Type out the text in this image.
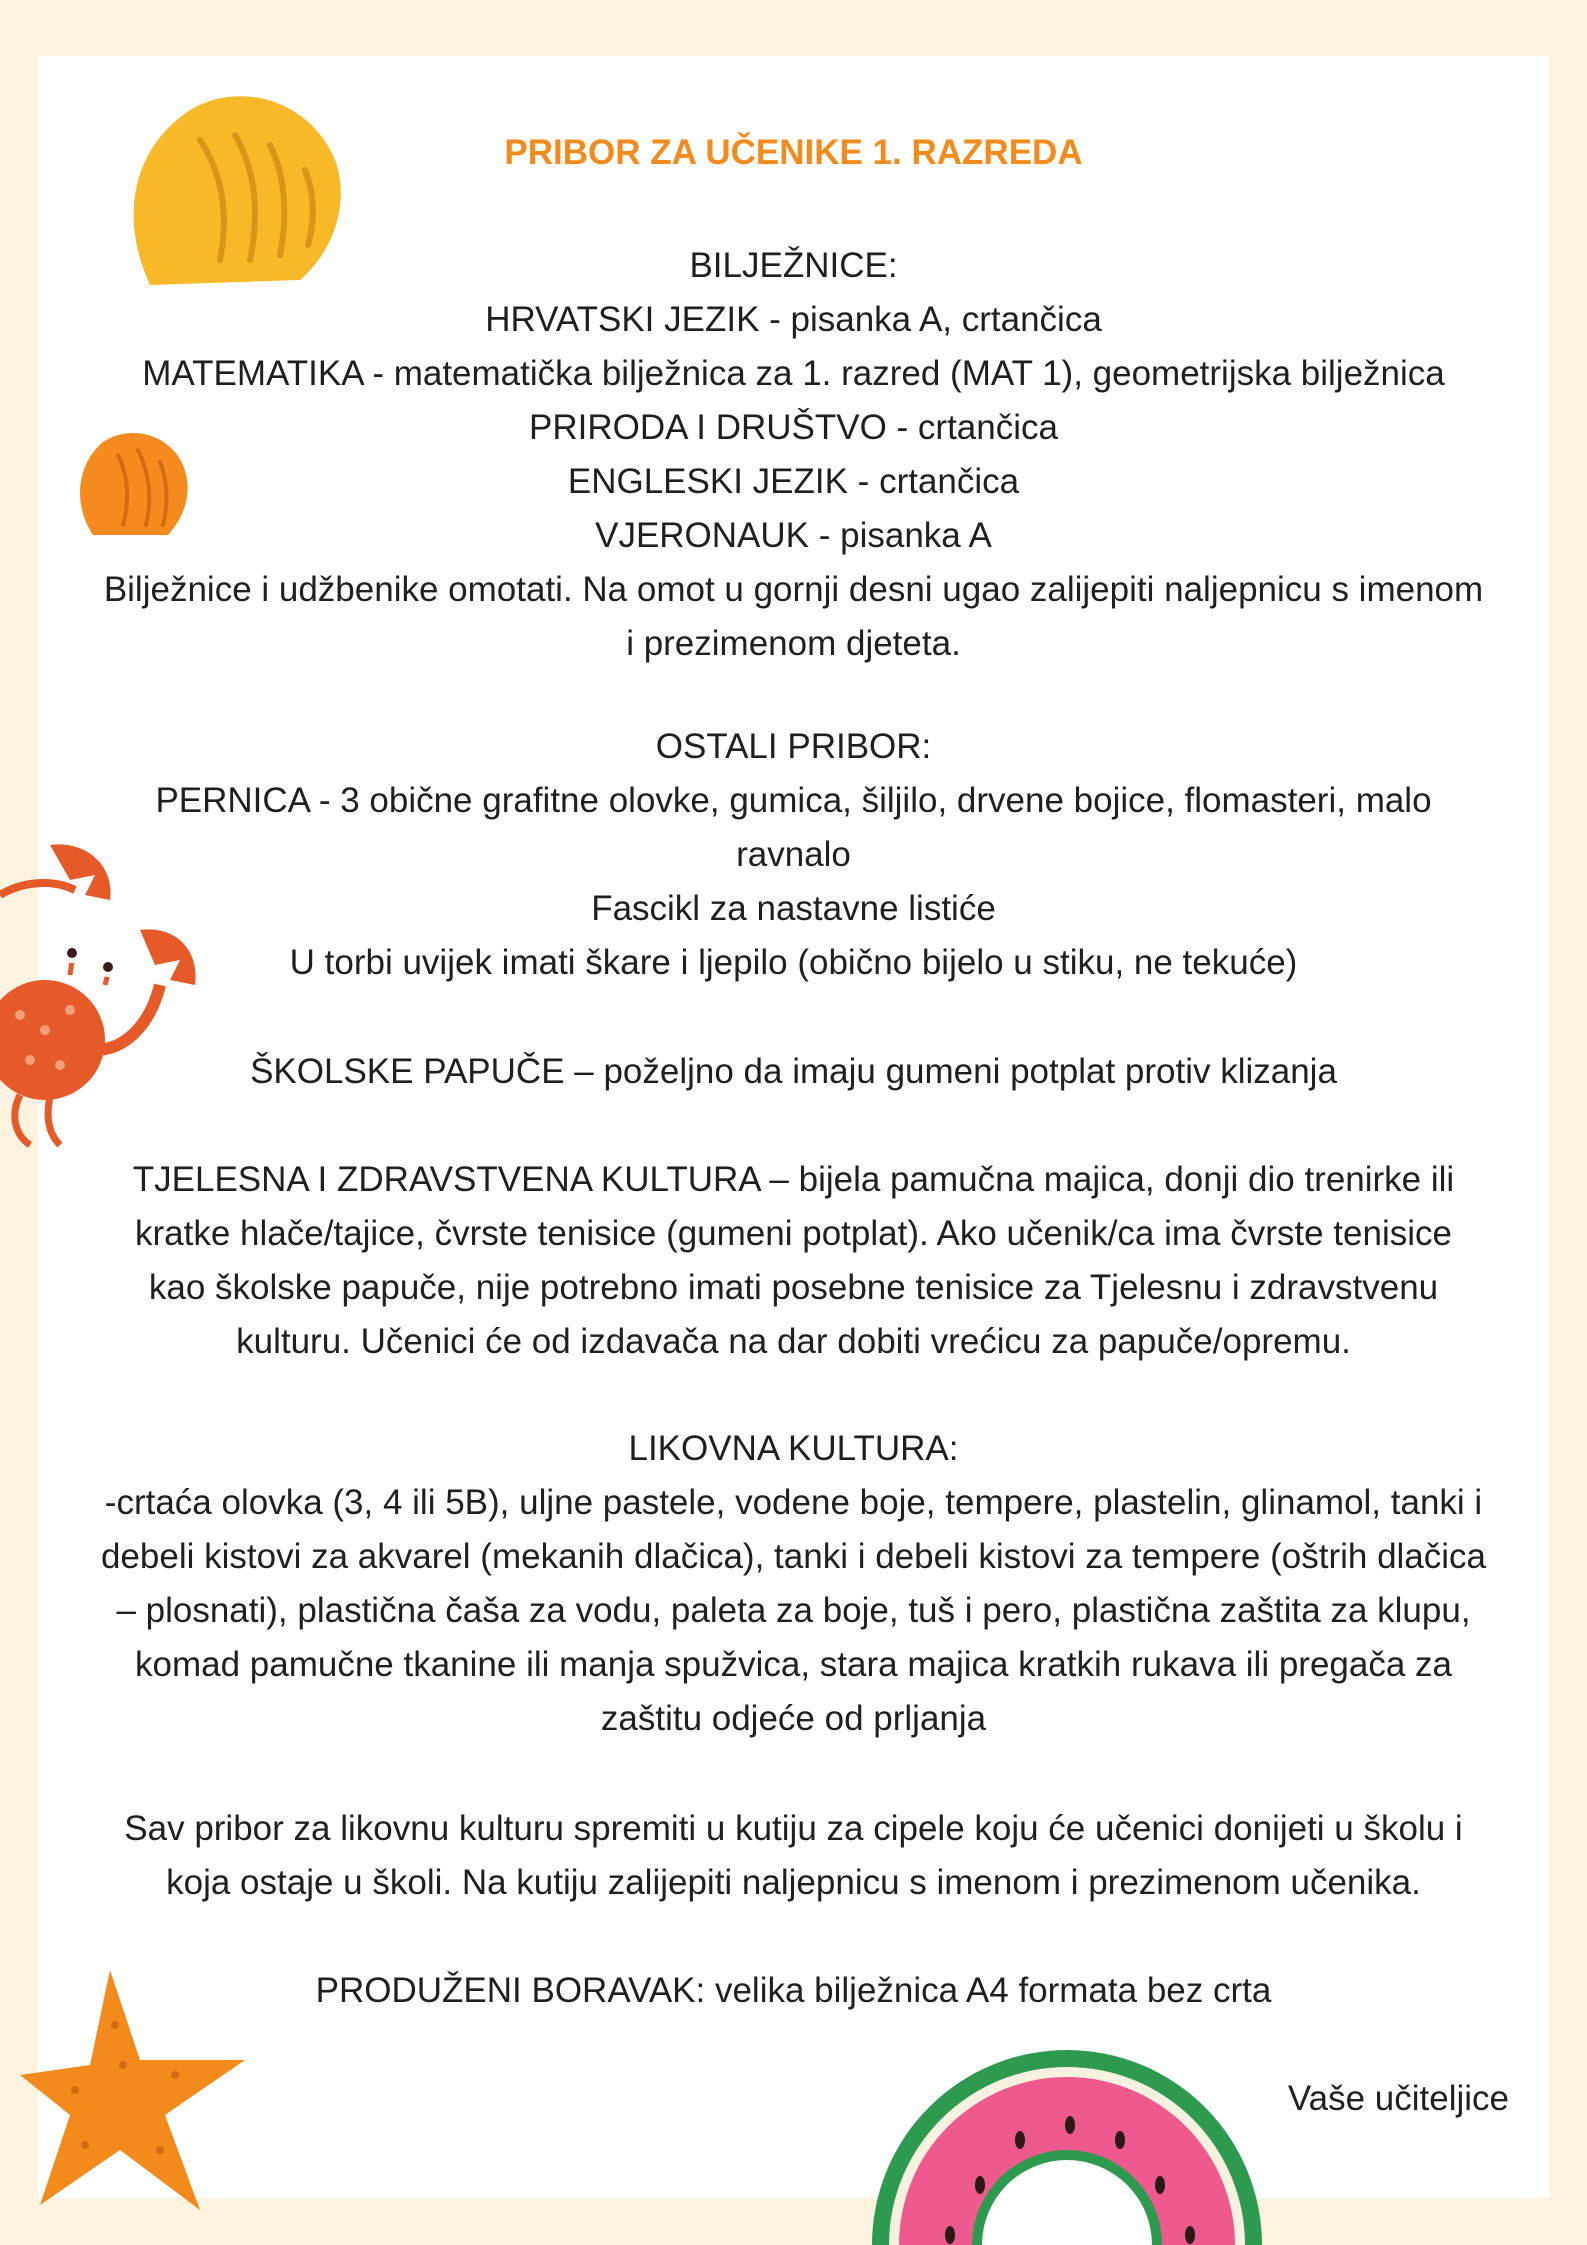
PRIBOR ZA UČENIKE 1. RAZREDA

BILJEŽNICE:

HRVATSKI JEZIK - pisanka A, crtančica

MATEMATIKA - matematička bilježnica za 1. razred (MAT 1), geometrijska bilježnica

PRIRODA I DRUŠTVO - crtančica

ENGLESKI JEZIK - crtančica

VJERONAUK - pisanka A

Bilježnice i udžbenike omotati. Na omot u gornji desni ugao zalijepiti naljepnicu s imenom

i prezimenom djeteta.

OSTALI PRIBOR:

PERNICA - 3 obične grafitne olovke, gumica, šiljilo, drvene bojice, flomasteri, malo

ravnalo

Fascikl za nastavne listiće

U torbi uvijek imati škare i ljepilo (obično bijelo u stiku, ne tekuće)

ŠKOLSKE PAPUČE – poželjno da imaju gumeni potplat protiv klizanja

TJELESNA I ZDRAVSTVENA KULTURA – bijela pamučna majica, donji dio trenirke ili

kratke hlače/tajice, čvrste tenisice (gumeni potplat). Ako učenik/ca ima čvrste tenisice

kao školske papuče, nije potrebno imati posebne tenisice za Tjelesnu i zdravstvenu

kulturu. Učenici će od izdavača na dar dobiti vrećicu za papuče/opremu.

LIKOVNA KULTURA:

-crtaća olovka (3, 4 ili 5B), uljne pastele, vodene boje, tempere, plastelin, glinamol, tanki i

debeli kistovi za akvarel (mekanih dlačica), tanki i debeli kistovi za tempere (oštrih dlačica

– plosnati), plastična čaša za vodu, paleta za boje, tuš i pero, plastična zaštita za klupu,

komad pamučne tkanine ili manja spužvica, stara majica kratkih rukava ili pregača za

zaštitu odjeće od prljanja

Sav pribor za likovnu kulturu spremiti u kutiju za cipele koju će učenici donijeti u školu i

koja ostaje u školi. Na kutiju zalijepiti naljepnicu s imenom i prezimenom učenika.

PRODUŽENI BORAVAK: velika bilježnica A4 formata bez crta

Vaše učiteljice
